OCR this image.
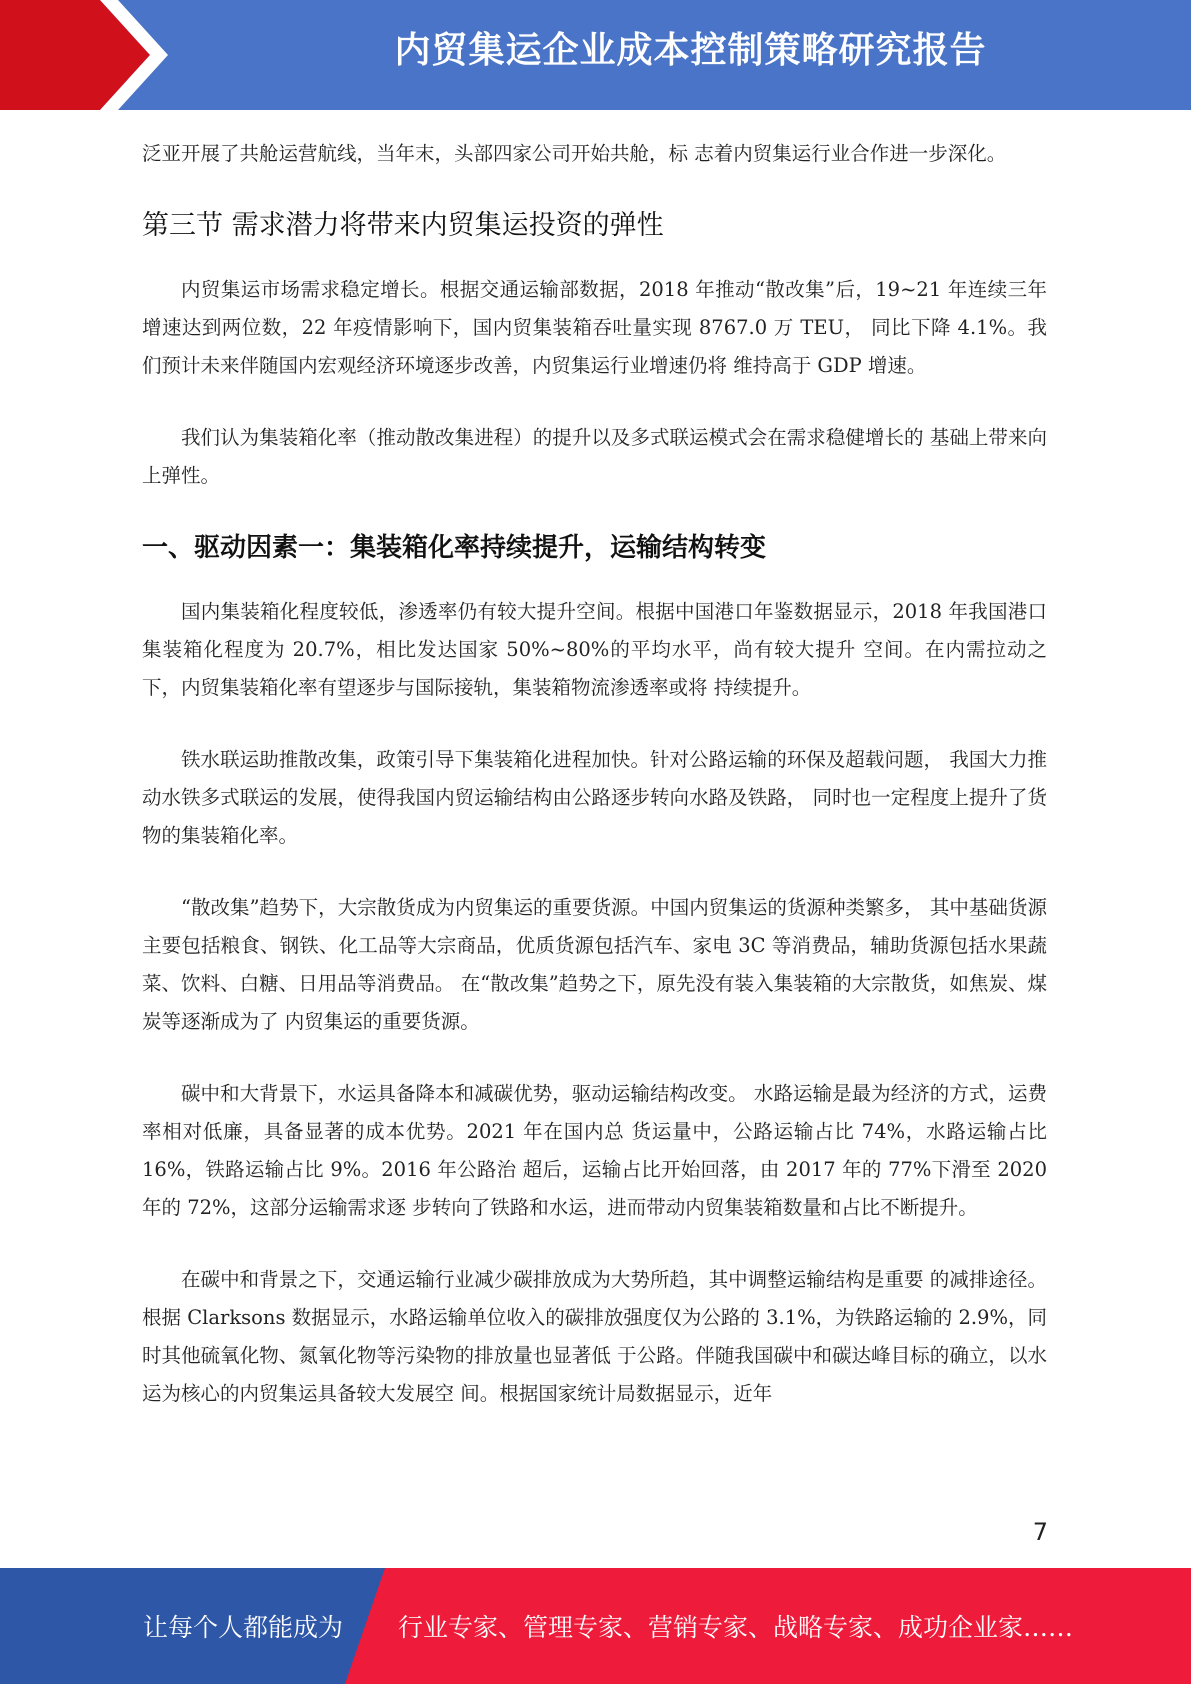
内贸集运企业成本控制策略研究报告

泛亚开展了共舱运营航线，当年末，头部四家公司开始共舱，标 志着内贸集运行业合作进一步深化。

第三节 需求潜力将带来内贸集运投资的弹性

内贸集运市场需求稳定增长。根据交通运输部数据，2018 年推动“散改集”后，19~21 年连续三年增速达到两位数，22 年疫情影响下，国内贸集装箱吞吐量实现 8767.0 万 TEU， 同比下降 4.1%。我们预计未来伴随国内宏观经济环境逐步改善，内贸集运行业增速仍将 维持高于 GDP 增速。

我们认为集装箱化率（推动散改集进程）的提升以及多式联运模式会在需求稳健增长的 基础上带来向上弹性。

一、驱动因素一：集装箱化率持续提升，运输结构转变

国内集装箱化程度较低，渗透率仍有较大提升空间。根据中国港口年鉴数据显示，2018 年我国港口集装箱化程度为 20.7%，相比发达国家 50%~80%的平均水平，尚有较大提升 空间。在内需拉动之下，内贸集装箱化率有望逐步与国际接轨，集装箱物流渗透率或将 持续提升。

铁水联运助推散改集，政策引导下集装箱化进程加快。针对公路运输的环保及超载问题， 我国大力推动水铁多式联运的发展，使得我国内贸运输结构由公路逐步转向水路及铁路， 同时也一定程度上提升了货物的集装箱化率。

“散改集”趋势下，大宗散货成为内贸集运的重要货源。中国内贸集运的货源种类繁多， 其中基础货源主要包括粮食、钢铁、化工品等大宗商品，优质货源包括汽车、家电 3C 等消费品，辅助货源包括水果蔬菜、饮料、白糖、日用品等消费品。 在“散改集”趋势之下，原先没有装入集装箱的大宗散货，如焦炭、煤炭等逐渐成为了 内贸集运的重要货源。

碳中和大背景下，水运具备降本和减碳优势，驱动运输结构改变。 水路运输是最为经济的方式，运费率相对低廉，具备显著的成本优势。2021 年在国内总 货运量中，公路运输占比 74%，水路运输占比 16%，铁路运输占比 9%。2016 年公路治 超后，运输占比开始回落，由 2017 年的 77%下滑至 2020 年的 72%，这部分运输需求逐 步转向了铁路和水运，进而带动内贸集装箱数量和占比不断提升。

在碳中和背景之下，交通运输行业减少碳排放成为大势所趋，其中调整运输结构是重要 的减排途径。根据 Clarksons 数据显示，水路运输单位收入的碳排放强度仅为公路的 3.1%，为铁路运输的 2.9%，同时其他硫氧化物、氮氧化物等污染物的排放量也显著低 于公路。伴随我国碳中和碳达峰目标的确立，以水运为核心的内贸集运具备较大发展空 间。根据国家统计局数据显示，近年

7
让每个人都能成为 行业专家、管理专家、营销专家、战略专家、成功企业家……
